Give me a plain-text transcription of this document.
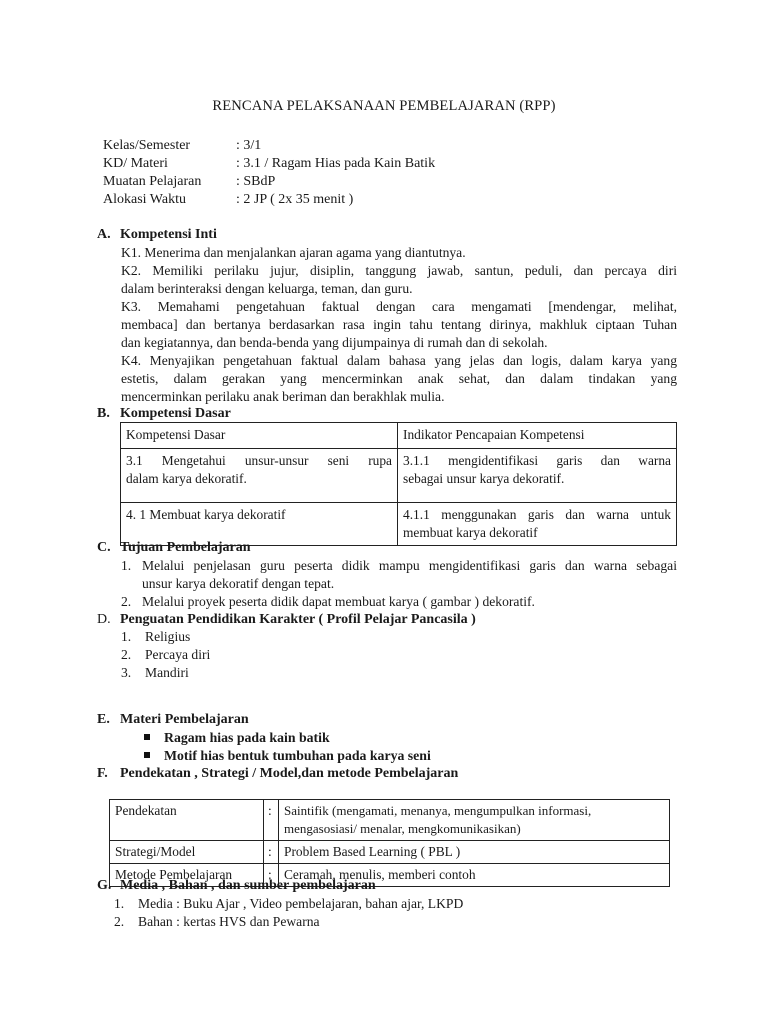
RENCANA PELAKSANAAN PEMBELAJARAN (RPP)
Kelas/Semester	: 3/1
KD/ Materi	: 3.1 / Ragam Hias pada Kain Batik
Muatan Pelajaran : SBdP
Alokasi Waktu	: 2 JP ( 2x 35 menit )
A. Kompetensi Inti
K1. Menerima dan menjalankan ajaran agama yang diantutnya.
K2. Memiliki perilaku jujur, disiplin, tanggung jawab, santun, peduli, dan percaya diri
dalam berinteraksi dengan keluarga, teman, dan guru.
K3. Memahami pengetahuan faktual dengan cara mengamati [mendengar, melihat,
membaca] dan bertanya berdasarkan rasa ingin tahu tentang dirinya, makhluk ciptaan Tuhan
dan kegiatannya, dan benda-benda yang dijumpainya di rumah dan di sekolah.
K4. Menyajikan pengetahuan faktual dalam bahasa yang jelas dan logis, dalam karya yang
estetis, dalam gerakan yang mencerminkan anak sehat, dan dalam tindakan yang
mencerminkan perilaku anak beriman dan berakhlak mulia.
B. Kompetensi Dasar
Kompetensi Dasar	Indikator Pencapaian Kompetensi

3.1 Mengetahui unsur-unsur seni rupa
dalam karya dekoratif.	3.1.1 mengidentifikasi garis dan warna
sebagai unsur karya dekoratif.
4. 1 Membuat karya dekoratif	4.1.1 menggunakan garis dan warna untuk
membuat karya dekoratif
C. Tujuan Pembelajaran
1. Melalui penjelasan guru peserta didik mampu mengidentifikasi garis dan warna sebagai
unsur karya dekoratif dengan tepat.
2. Melalui proyek peserta didik dapat membuat karya ( gambar ) dekoratif.
D. Penguatan Pendidikan Karakter ( Profil Pelajar Pancasila )
1. Religius
2. Percaya diri
3. Mandiri
E. Materi Pembelajaran
Ragam hias pada kain batik
Motif hias bentuk tumbuhan pada karya seni
F. Pendekatan , Strategi / Model,dan metode Pembelajaran
Pendekatan	:	Saintifik (mengamati, menanya, mengumpulkan informasi,
mengasosiasi/ menalar, mengkomunikasikan)

Strategi/Model	:	Problem Based Learning ( PBL )
Metode Pembelajaran	:	Ceramah, menulis, memberi contoh
G. Media , Bahan , dan sumber pembelajaran
1. Media : Buku Ajar , Video pembelajaran, bahan ajar, LKPD
2. Bahan : kertas HVS dan Pewarna
